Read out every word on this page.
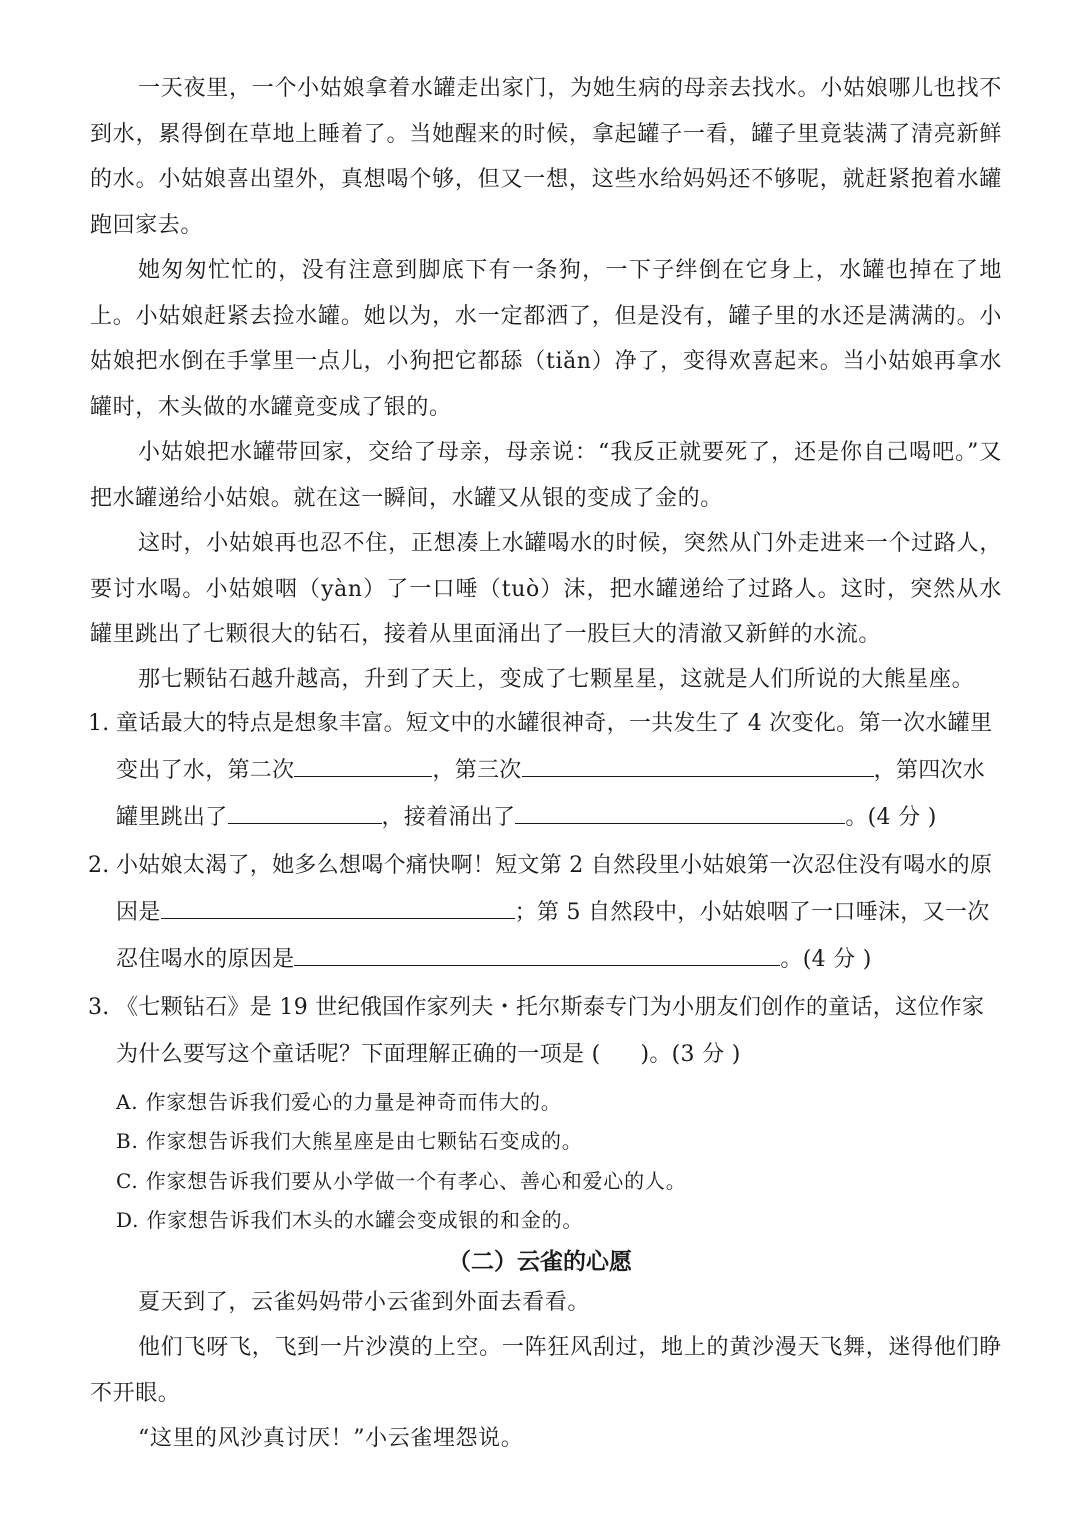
一天夜里，一个小姑娘拿着水罐走出家门，为她生病的母亲去找水。小姑娘哪儿也找不到水，累得倒在草地上睡着了。当她醒来的时候，拿起罐子一看，罐子里竟装满了清亮新鲜的水。小姑娘喜出望外，真想喝个够，但又一想，这些水给妈妈还不够呢，就赶紧抱着水罐跑回家去。

她匆匆忙忙的，没有注意到脚底下有一条狗，一下子绊倒在它身上，水罐也掉在了地上。小姑娘赶紧去捡水罐。她以为，水一定都洒了，但是没有，罐子里的水还是满满的。小姑娘把水倒在手掌里一点儿，小狗把它都舔（tiǎn）净了，变得欢喜起来。当小姑娘再拿水罐时，木头做的水罐竟变成了银的。

小姑娘把水罐带回家，交给了母亲，母亲说：“我反正就要死了，还是你自己喝吧。”又把水罐递给小姑娘。就在这一瞬间，水罐又从银的变成了金的。

这时，小姑娘再也忍不住，正想凑上水罐喝水的时候，突然从门外走进来一个过路人，要讨水喝。小姑娘咽（yàn）了一口唾（tuò）沫，把水罐递给了过路人。这时，突然从水罐里跳出了七颗很大的钻石，接着从里面涌出了一股巨大的清澈又新鲜的水流。

那七颗钻石越升越高，升到了天上，变成了七颗星星，这就是人们所说的大熊星座。

1. 童话最大的特点是想象丰富。短文中的水罐很神奇，一共发生了 4 次变化。第一次水罐里
变出了水，第二次	，第三次	，第四次水
罐里跳出了	，接着涌出了	。(4 分 )
2. 小姑娘太渴了，她多么想喝个痛快啊！短文第 2 自然段里小姑娘第一次忍住没有喝水的原
因是	；第 5 自然段中，小姑娘咽了一口唾沫，又一次
忍住喝水的原因是	。(4 分 )
3. 《七颗钻石》是 19 世纪俄国作家列夫・托尔斯泰专门为小朋友们创作的童话，这位作家
为什么要写这个童话呢？下面理解正确的一项是 ( )。(3 分 )

A. 作家想告诉我们爱心的力量是神奇而伟大的。

B. 作家想告诉我们大熊星座是由七颗钻石变成的。

C. 作家想告诉我们要从小学做一个有孝心、善心和爱心的人。

D. 作家想告诉我们木头的水罐会变成银的和金的。

（二）云雀的心愿

夏天到了，云雀妈妈带小云雀到外面去看看。

他们飞呀飞，飞到一片沙漠的上空。一阵狂风刮过，地上的黄沙漫天飞舞，迷得他们睁不开眼。

“这里的风沙真讨厌！”小云雀埋怨说。
